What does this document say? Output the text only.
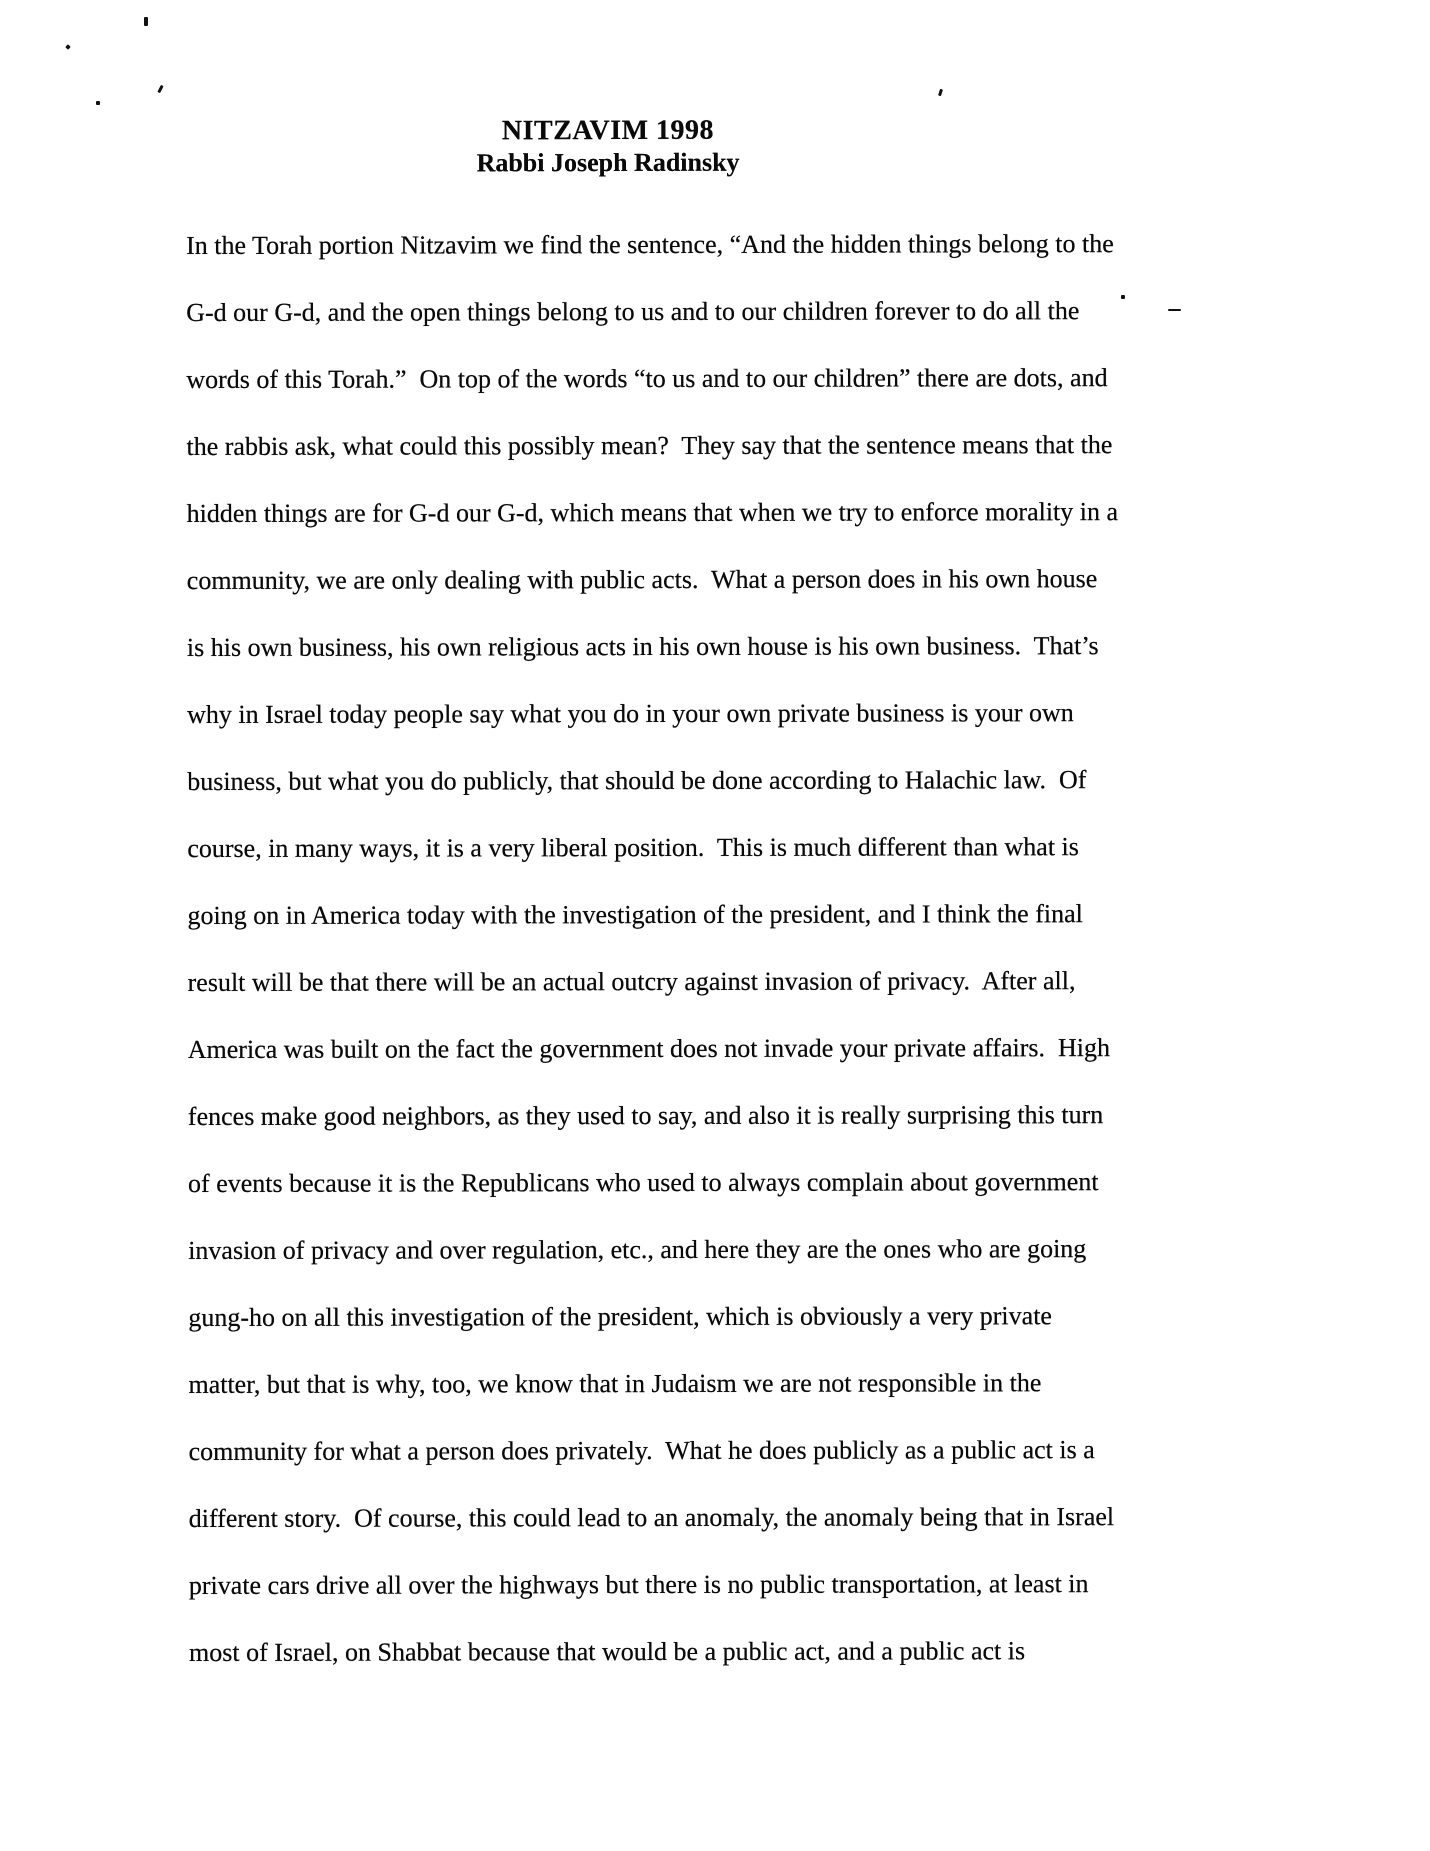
NITZAVIM 1998
Rabbi Joseph Radinsky
In the Torah portion Nitzavim we find the sentence, “And the hidden things belong to the
G-d our G-d, and the open things belong to us and to our children forever to do all the
words of this Torah.”  On top of the words “to us and to our children” there are dots, and
the rabbis ask, what could this possibly mean?  They say that the sentence means that the
hidden things are for G-d our G-d, which means that when we try to enforce morality in a
community, we are only dealing with public acts.  What a person does in his own house
is his own business, his own religious acts in his own house is his own business.  That’s
why in Israel today people say what you do in your own private business is your own
business, but what you do publicly, that should be done according to Halachic law.  Of
course, in many ways, it is a very liberal position.  This is much different than what is
going on in America today with the investigation of the president, and I think the final
result will be that there will be an actual outcry against invasion of privacy.  After all,
America was built on the fact the government does not invade your private affairs.  High
fences make good neighbors, as they used to say, and also it is really surprising this turn
of events because it is the Republicans who used to always complain about government
invasion of privacy and over regulation, etc., and here they are the ones who are going
gung-ho on all this investigation of the president, which is obviously a very private
matter, but that is why, too, we know that in Judaism we are not responsible in the
community for what a person does privately.  What he does publicly as a public act is a
different story.  Of course, this could lead to an anomaly, the anomaly being that in Israel
private cars drive all over the highways but there is no public transportation, at least in
most of Israel, on Shabbat because that would be a public act, and a public act is
